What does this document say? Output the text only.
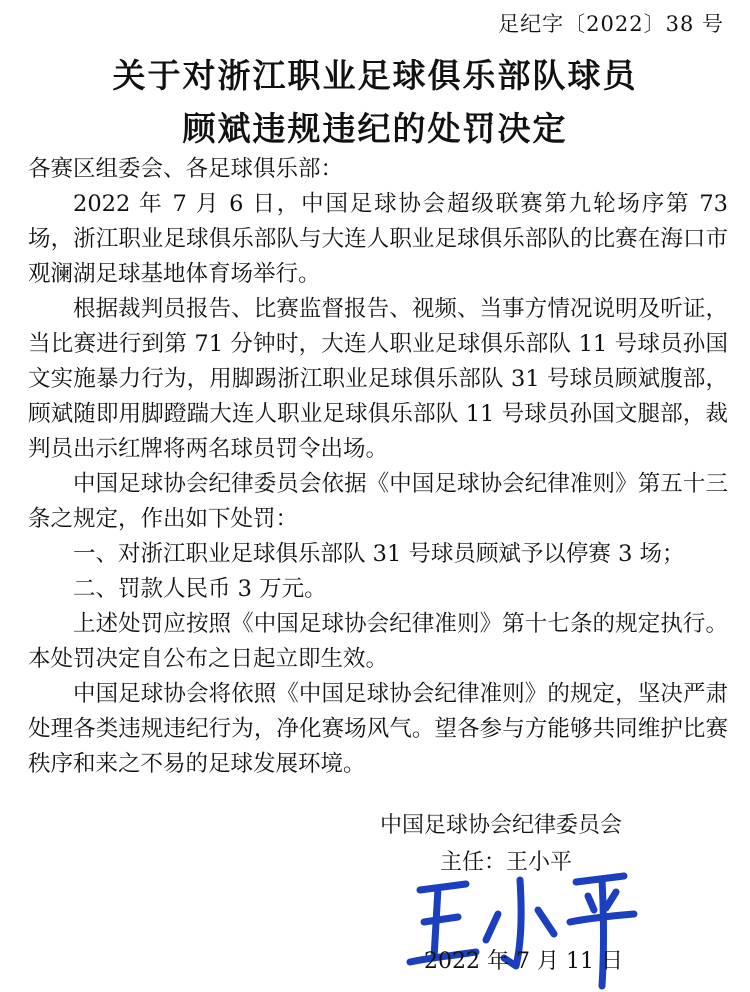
足纪字〔2022〕38 号
关于对浙江职业足球俱乐部队球员
顾斌违规违纪的处罚决定

各赛区组委会、各足球俱乐部：

2022 年 7 月 6 日，中国足球协会超级联赛第九轮场序第 73 场，浙江职业足球俱乐部队与大连人职业足球俱乐部队的比赛在海口市观澜湖足球基地体育场举行。

根据裁判员报告、比赛监督报告、视频、当事方情况说明及听证，当比赛进行到第 71 分钟时，大连人职业足球俱乐部队 11 号球员孙国文实施暴力行为，用脚踢浙江职业足球俱乐部队 31 号球员顾斌腹部，顾斌随即用脚蹬踹大连人职业足球俱乐部队 11 号球员孙国文腿部，裁判员出示红牌将两名球员罚令出场。

中国足球协会纪律委员会依据《中国足球协会纪律准则》第五十三条之规定，作出如下处罚：

一、对浙江职业足球俱乐部队 31 号球员顾斌予以停赛 3 场；

二、罚款人民币 3 万元。

上述处罚应按照《中国足球协会纪律准则》第十七条的规定执行。本处罚决定自公布之日起立即生效。

中国足球协会将依照《中国足球协会纪律准则》的规定，坚决严肃处理各类违规违纪行为，净化赛场风气。望各参与方能够共同维护比赛秩序和来之不易的足球发展环境。

中国足球协会纪律委员会
主任：王小平
2022 年 7 月 11 日
